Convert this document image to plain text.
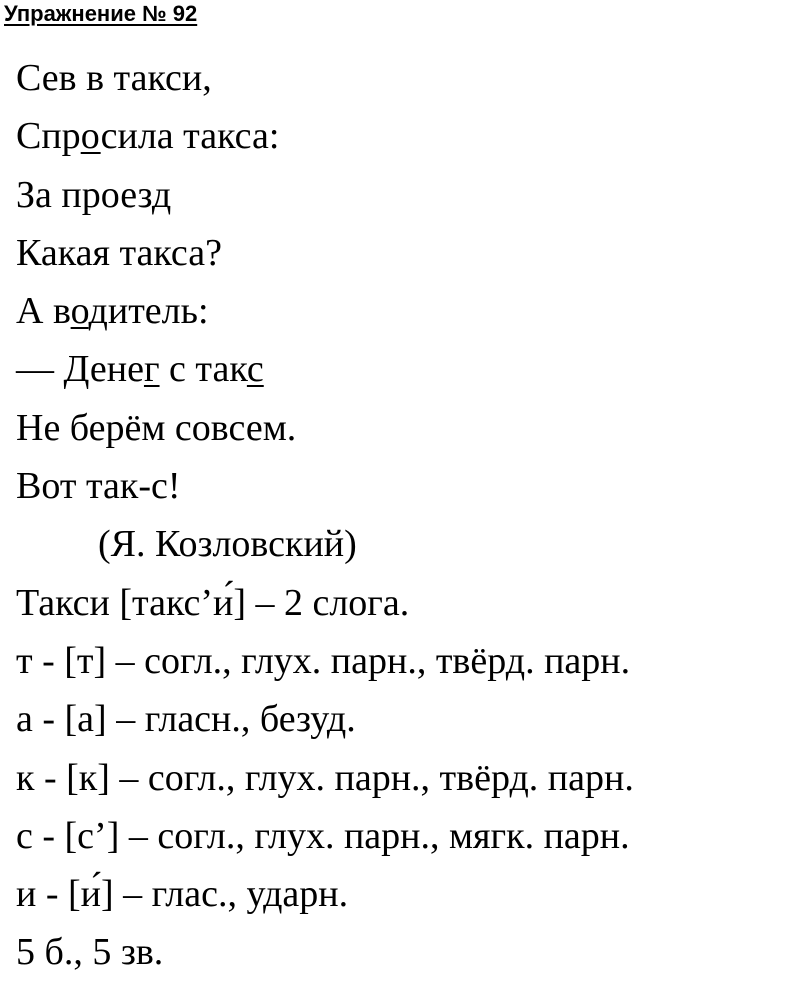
Упражнение № 92
Сев в такси,
Спросила такса:
За проезд
Какая такса?
А водитель:
— Денег с такс
Не берём совсем.
Вот так-с!
(Я. Козловский)
Такси [такс’и́] – 2 слога.
т - [т] – согл., глух. парн., твёрд. парн.
а - [а] – гласн., безуд.
к - [к] – согл., глух. парн., твёрд. парн.
с - [с’] – согл., глух. парн., мягк. парн.
и - [и́] – глас., ударн.
5 б., 5 зв.
